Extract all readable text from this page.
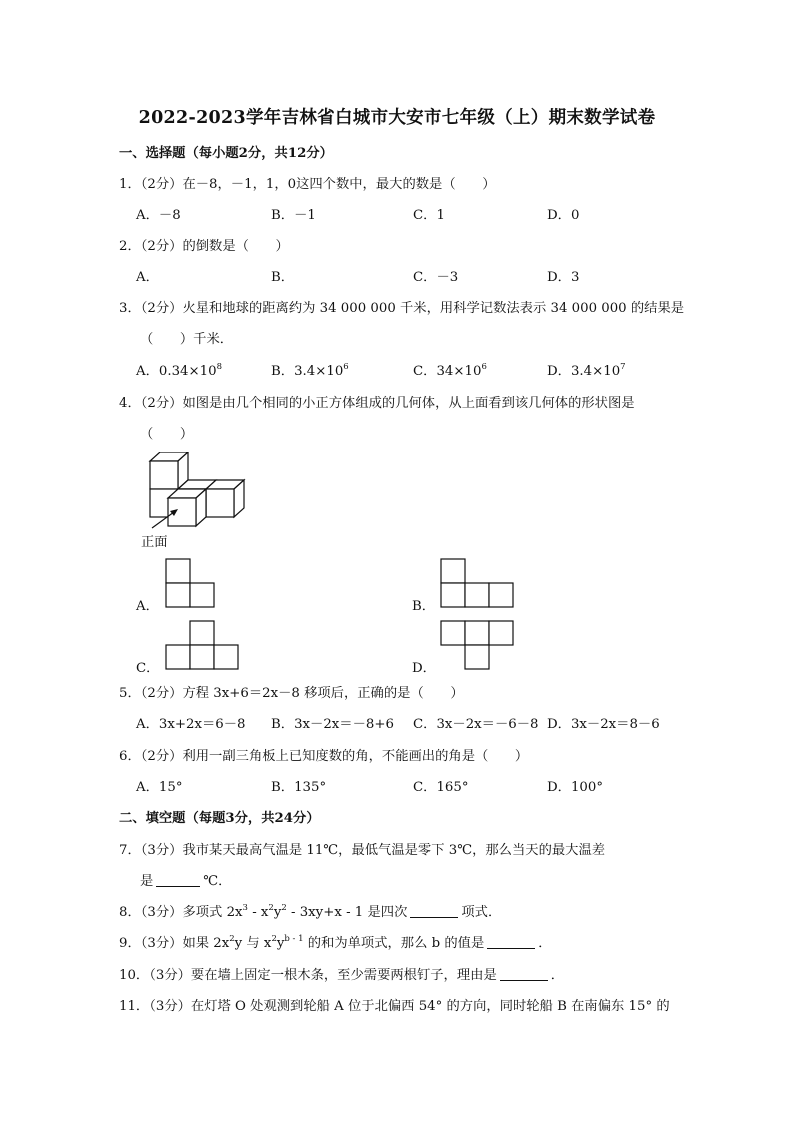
2022-2023学年吉林省白城市大安市七年级（上）期末数学试卷
一、选择题（每小题2分，共12分）
1．（2分）在－8，－1，1，0这四个数中，最大的数是（　　）
A．－8	B．－1	C．1	D．0
2．（2分）的倒数是（　　）
A．	B．	C．－3	D．3
3．（2分）火星和地球的距离约为 34 000 000 千米，用科学记数法表示 34 000 000 的结果是
（　　）千米．
A．$0.34\times 10^8$	B．$3.4\times 10^6$	C．$34\times 10^6$	D．$3.4\times 10^7$
4．（2分）如图是由几个相同的小正方体组成的几何体，从上面看到该几何体的形状图是
（　　）
正面
A．	B．
C．	D．
5．（2分）方程 3x+6＝2x－8 移项后，正确的是（　　）
A．3x+2x＝6－8 B．3x－2x＝－8+6 C．3x－2x＝－6－8 D．3x－2x＝8－6
6．（2分）利用一副三角板上已知度数的角，不能画出的角是（　　）
A．15°	B．135°	C．165°	D．100°
二、填空题（每题3分，共24分）
7．（3分）我市某天最高气温是 11℃，最低气温是零下 3℃，那么当天的最大温差
是	℃．
8．（3分）多项式 $2x^3 - x^2y^2 - 3xy+x - 1$ 是四次	项式．
9．（3分）如果 $2x^2y$ 与 $x^2y^{b - 1}$ 的和为单项式，那么 b 的值是	．
10．（3分）要在墙上固定一根木条，至少需要两根钉子，理由是	．
11．（3分）在灯塔 O 处观测到轮船 A 位于北偏西 54° 的方向，同时轮船 B 在南偏东 15° 的
